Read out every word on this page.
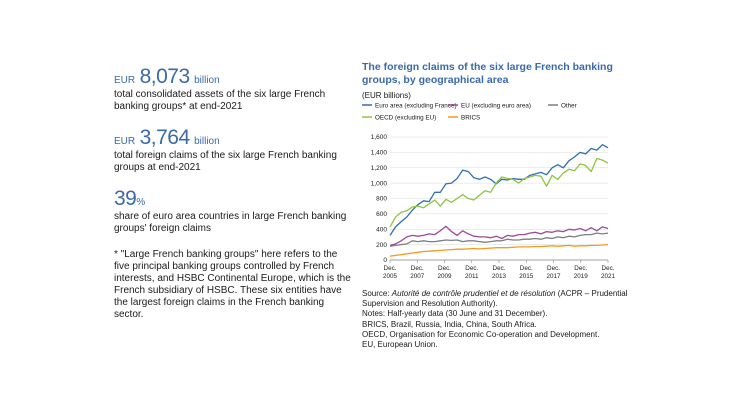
EUR 8,073 billion
total consolidated assets of the six large French banking groups* at end-2021
EUR 3,764 billion
total foreign claims of the six large French banking groups at end-2021
39%
share of euro area countries in large French banking groups' foreign claims
* "Large French banking groups" here refers to the five principal banking groups controlled by French interests, and HSBC Continental Europe, which is the French subsidiary of HSBC. These six entities have the largest foreign claims in the French banking sector.
The foreign claims of the six large French banking groups, by geographical area
(EUR billions)
Euro area (excluding France) EU (excluding euro area)	Other
OECD (excluding EU)	BRICS
0
200
400
600
800
1,000
1,200
1,400
1,600
Dec.
2005
Dec.
2007
Dec.
2009
Dec.
2011
Dec.
2013
Dec.
2015
Dec.
2017
Dec.
2019
Dec.
2021
Source: Autorité de contrôle prudentiel et de résolution (ACPR – Prudential Supervision and Resolution Authority).
Notes: Half-yearly data (30 June and 31 December).
BRICS, Brazil, Russia, India, China, South Africa.
OECD, Organisation for Economic Co-operation and Development.
EU, European Union.
